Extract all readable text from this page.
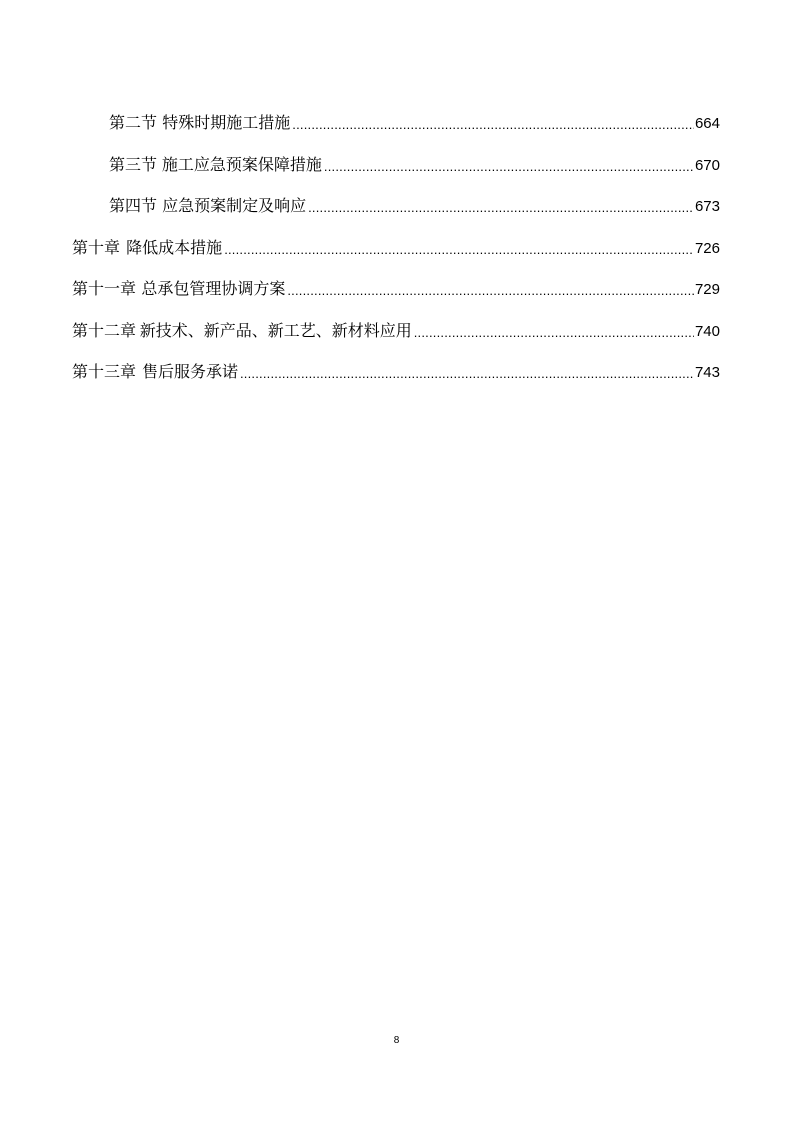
第二节 特殊时期施工措施 .....	664
第三节 施工应急预案保障措施 .....	670
第四节 应急预案制定及响应 .....	673
第十章 降低成本措施 .....	726
第十一章 总承包管理协调方案 .....	729
第十二章 新技术、新产品、新工艺、新材料应用 .....	740
第十三章 售后服务承诺 .....	743
8
